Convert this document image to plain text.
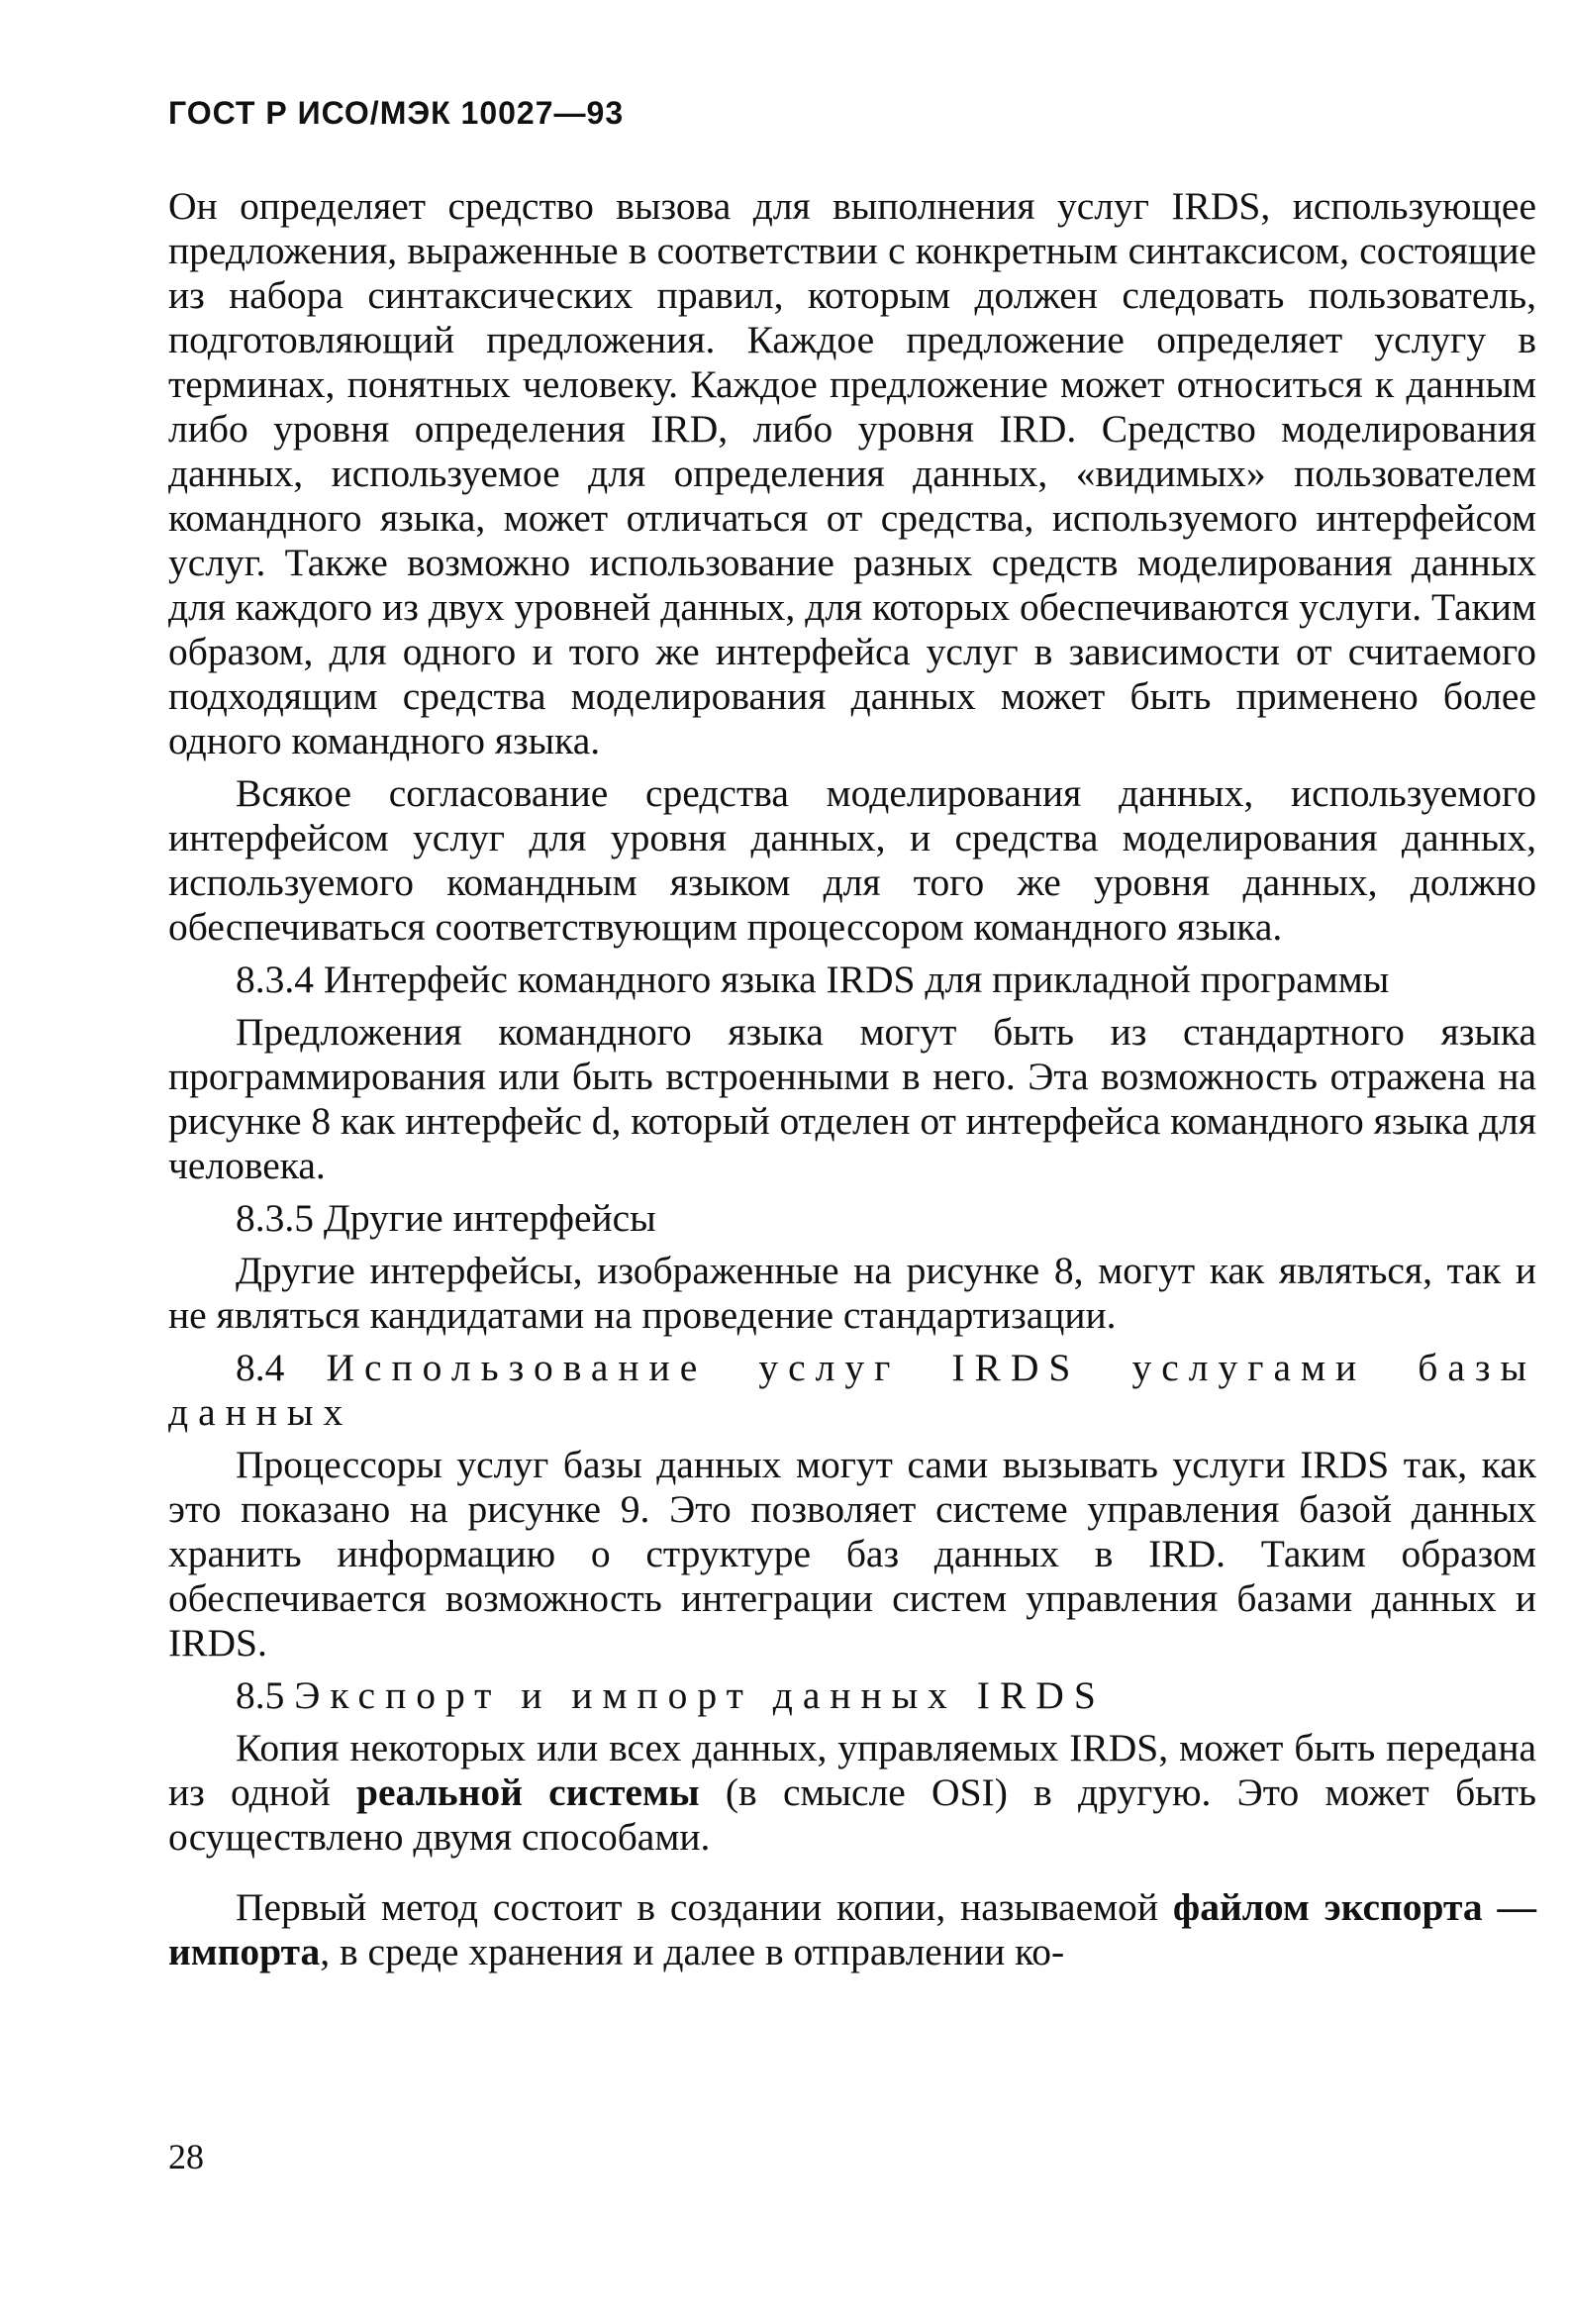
ГОСТ Р ИСО/МЭК 10027—93

Он определяет средство вызова для выполнения услуг IRDS, использующее предложения, выраженные в соответствии с конкретным синтаксисом, состоящие из набора синтаксических правил, которым должен следовать пользователь, подготовляющий предложения. Каждое предложение определяет услугу в терминах, понятных человеку. Каждое предложение может относиться к данным либо уровня определения IRD, либо уровня IRD. Средство моделирования данных, используемое для определения данных, «видимых» пользователем командного языка, может отличаться от средства, используемого интерфейсом услуг. Также возможно использование разных средств моделирования данных для каждого из двух уровней данных, для которых обеспечиваются услуги. Таким образом, для одного и того же интерфейса услуг в зависимости от считаемого подходящим средства моделирования данных может быть применено более одного командного языка.

Всякое согласование средства моделирования данных, используемого интерфейсом услуг для уровня данных, и средства моделирования данных, используемого командным языком для того же уровня данных, должно обеспечиваться соответствующим процессором командного языка.

8.3.4 Интерфейс командного языка IRDS для прикладной программы

Предложения командного языка могут быть из стандартного языка программирования или быть встроенными в него. Эта возможность отражена на рисунке 8 как интерфейс d, который отделен от интерфейса командного языка для человека.

8.3.5 Другие интерфейсы

Другие интерфейсы, изображенные на рисунке 8, могут как являться, так и не являться кандидатами на проведение стандартизации.

8.4 Использование услуг IRDS услугами базы данных

Процессоры услуг базы данных могут сами вызывать услуги IRDS так, как это показано на рисунке 9. Это позволяет системе управления базой данных хранить информацию о структуре баз данных в IRD. Таким образом обеспечивается возможность интеграции систем управления базами данных и IRDS.

8.5 Экспорт и импорт данных IRDS

Копия некоторых или всех данных, управляемых IRDS, может быть передана из одной реальной системы (в смысле OSI) в другую. Это может быть осуществлено двумя способами.

Первый метод состоит в создании копии, называемой файлом экспорта — импорта, в среде хранения и далее в отправлении ко-

28
